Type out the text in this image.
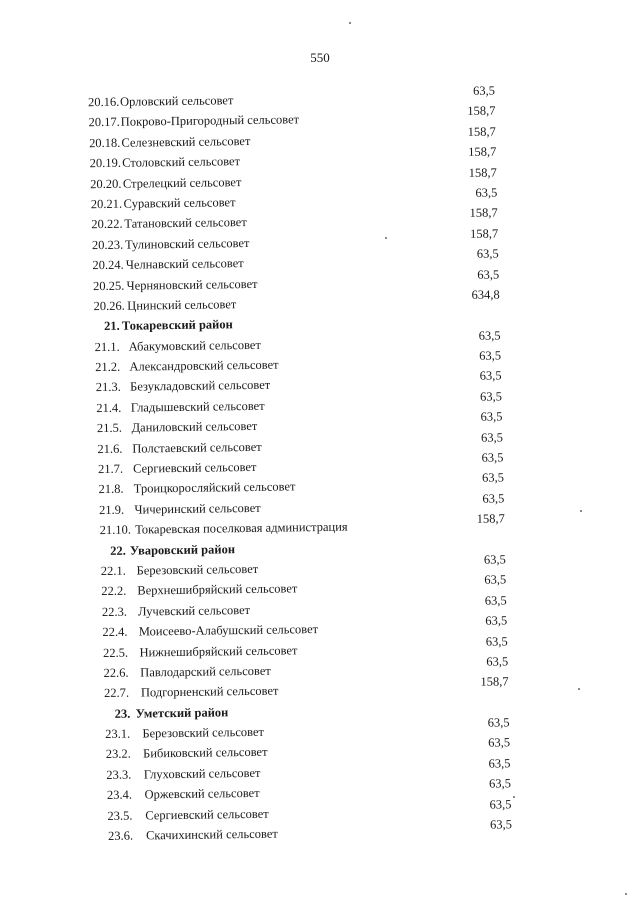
550
20.16. Орловский сельсовет
63,5
20.17. Покрово-Пригородный сельсовет
158,7
20.18. Селезневский сельсовет
158,7
20.19. Столовский сельсовет
158,7
20.20. Стрелецкий сельсовет
158,7
20.21. Суравский сельсовет
63,5
20.22. Татановский сельсовет
158,7
20.23. Тулиновский сельсовет
158,7
20.24. Челнавский сельсовет
63,5
20.25. Черняновский сельсовет
63,5
20.26. Цнинский сельсовет
634,8
21. Токаревский район
21.1. Абакумовский сельсовет
63,5
21.2. Александровский сельсовет
63,5
21.3. Безукладовский сельсовет
63,5
21.4. Гладышевский сельсовет
63,5
21.5. Даниловский сельсовет
63,5
21.6. Полстаевский сельсовет
63,5
21.7. Сергиевский сельсовет
63,5
21.8. Троицкоросляйский сельсовет
63,5
21.9. Чичеринский сельсовет
63,5
21.10. Токаревская поселковая администрация
158,7
22. Уваровский район
22.1. Березовский сельсовет
63,5
22.2. Верхнешибряйский сельсовет
63,5
22.3. Лучевский сельсовет
63,5
22.4. Моисеево-Алабушский сельсовет
63,5
22.5. Нижнешибряйский сельсовет
63,5
22.6. Павлодарский сельсовет
63,5
22.7. Подгорненский сельсовет
158,7
23. Уметский район
23.1. Березовский сельсовет
63,5
23.2. Бибиковский сельсовет
63,5
23.3. Глуховский сельсовет
63,5
23.4. Оржевский сельсовет
63,5
23.5. Сергиевский сельсовет
63,5
23.6. Скачихинский сельсовет
63,5
